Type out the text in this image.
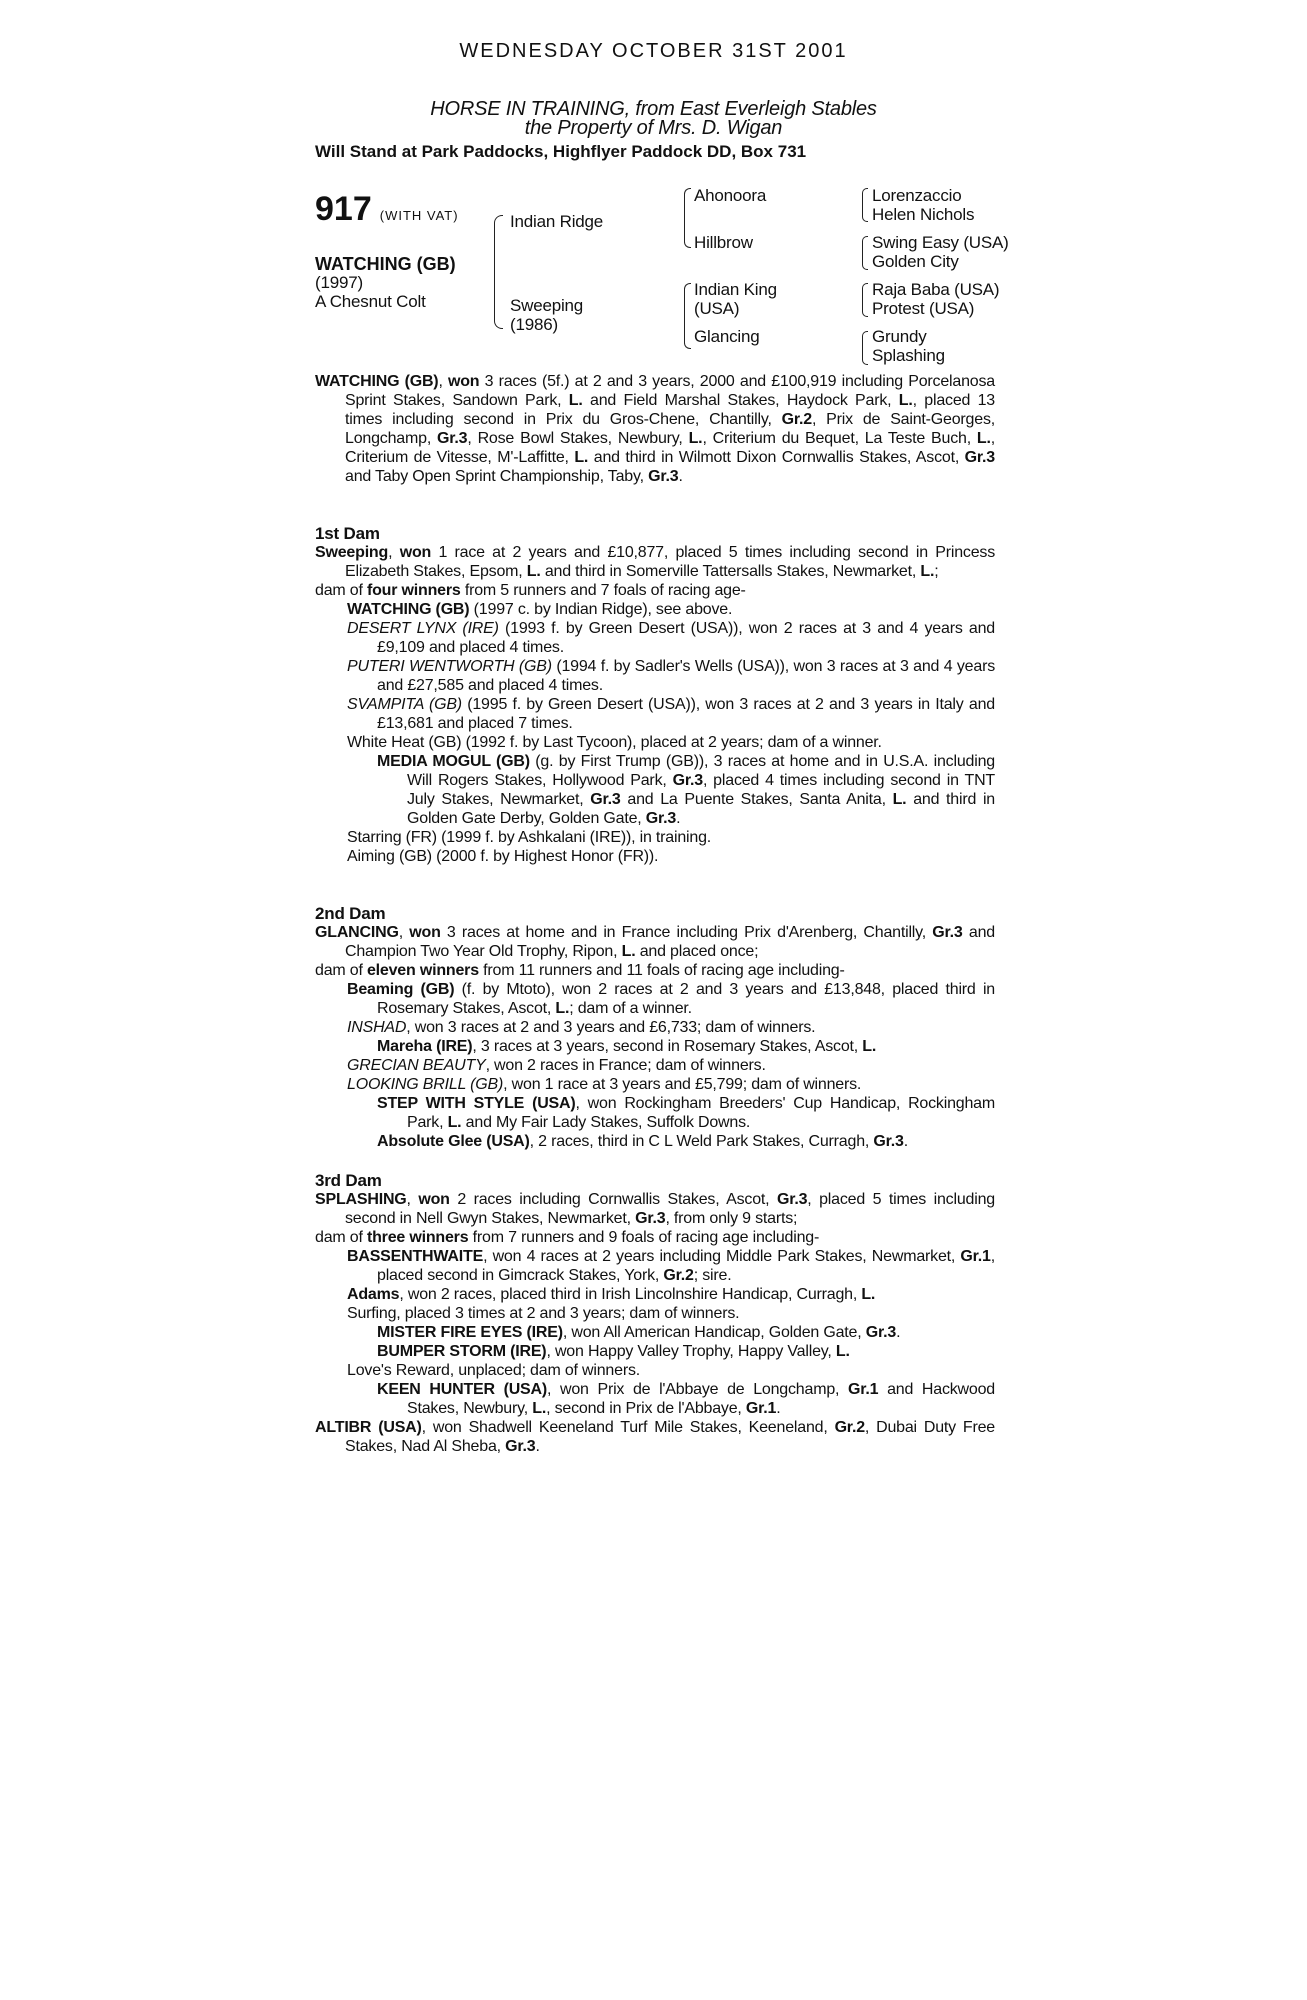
WEDNESDAY OCTOBER 31ST 2001
HORSE IN TRAINING, from East Everleigh Stables
the Property of Mrs. D. Wigan
Will Stand at Park Paddocks, Highflyer Paddock DD, Box 731
917 (WITH VAT)
WATCHING (GB)
(1997)
A Chesnut Colt
Indian Ridge
Sweeping
(1986)
Ahonoora
Hillbrow
Indian King
(USA)
Glancing
Lorenzaccio
Helen Nichols
Swing Easy (USA)
Golden City
Raja Baba (USA)
Protest (USA)
Grundy
Splashing

WATCHING (GB), won 3 races (5f.) at 2 and 3 years, 2000 and £100,919 including Porcelanosa Sprint Stakes, Sandown Park, L. and Field Marshal Stakes, Haydock Park, L., placed 13 times including second in Prix du Gros-Chene, Chantilly, Gr.2, Prix de Saint-Georges, Longchamp, Gr.3, Rose Bowl Stakes, Newbury, L., Criterium du Bequet, La Teste Buch, L., Criterium de Vitesse, M'-Laffitte, L. and third in Wilmott Dixon Cornwallis Stakes, Ascot, Gr.3 and Taby Open Sprint Championship, Taby, Gr.3.

1st Dam

Sweeping, won 1 race at 2 years and £10,877, placed 5 times including second in Princess Elizabeth Stakes, Epsom, L. and third in Somerville Tattersalls Stakes, Newmarket, L.;

dam of four winners from 5 runners and 7 foals of racing age-

WATCHING (GB) (1997 c. by Indian Ridge), see above.

DESERT LYNX (IRE) (1993 f. by Green Desert (USA)), won 2 races at 3 and 4 years and £9,109 and placed 4 times.

PUTERI WENTWORTH (GB) (1994 f. by Sadler's Wells (USA)), won 3 races at 3 and 4 years and £27,585 and placed 4 times.

SVAMPITA (GB) (1995 f. by Green Desert (USA)), won 3 races at 2 and 3 years in Italy and £13,681 and placed 7 times.

White Heat (GB) (1992 f. by Last Tycoon), placed at 2 years; dam of a winner.

MEDIA MOGUL (GB) (g. by First Trump (GB)), 3 races at home and in U.S.A. including Will Rogers Stakes, Hollywood Park, Gr.3, placed 4 times including second in TNT July Stakes, Newmarket, Gr.3 and La Puente Stakes, Santa Anita, L. and third in Golden Gate Derby, Golden Gate, Gr.3.

Starring (FR) (1999 f. by Ashkalani (IRE)), in training.

Aiming (GB) (2000 f. by Highest Honor (FR)).

2nd Dam

GLANCING, won 3 races at home and in France including Prix d'Arenberg, Chantilly, Gr.3 and Champion Two Year Old Trophy, Ripon, L. and placed once;

dam of eleven winners from 11 runners and 11 foals of racing age including-

Beaming (GB) (f. by Mtoto), won 2 races at 2 and 3 years and £13,848, placed third in Rosemary Stakes, Ascot, L.; dam of a winner.

INSHAD, won 3 races at 2 and 3 years and £6,733; dam of winners.

Mareha (IRE), 3 races at 3 years, second in Rosemary Stakes, Ascot, L.

GRECIAN BEAUTY, won 2 races in France; dam of winners.

LOOKING BRILL (GB), won 1 race at 3 years and £5,799; dam of winners.

STEP WITH STYLE (USA), won Rockingham Breeders' Cup Handicap, Rockingham Park, L. and My Fair Lady Stakes, Suffolk Downs.

Absolute Glee (USA), 2 races, third in C L Weld Park Stakes, Curragh, Gr.3.

3rd Dam

SPLASHING, won 2 races including Cornwallis Stakes, Ascot, Gr.3, placed 5 times including second in Nell Gwyn Stakes, Newmarket, Gr.3, from only 9 starts;

dam of three winners from 7 runners and 9 foals of racing age including-

BASSENTHWAITE, won 4 races at 2 years including Middle Park Stakes, Newmarket, Gr.1, placed second in Gimcrack Stakes, York, Gr.2; sire.

Adams, won 2 races, placed third in Irish Lincolnshire Handicap, Curragh, L.

Surfing, placed 3 times at 2 and 3 years; dam of winners.

MISTER FIRE EYES (IRE), won All American Handicap, Golden Gate, Gr.3.

BUMPER STORM (IRE), won Happy Valley Trophy, Happy Valley, L.

Love's Reward, unplaced; dam of winners.

KEEN HUNTER (USA), won Prix de l'Abbaye de Longchamp, Gr.1 and Hackwood Stakes, Newbury, L., second in Prix de l'Abbaye, Gr.1.

ALTIBR (USA), won Shadwell Keeneland Turf Mile Stakes, Keeneland, Gr.2, Dubai Duty Free Stakes, Nad Al Sheba, Gr.3.
